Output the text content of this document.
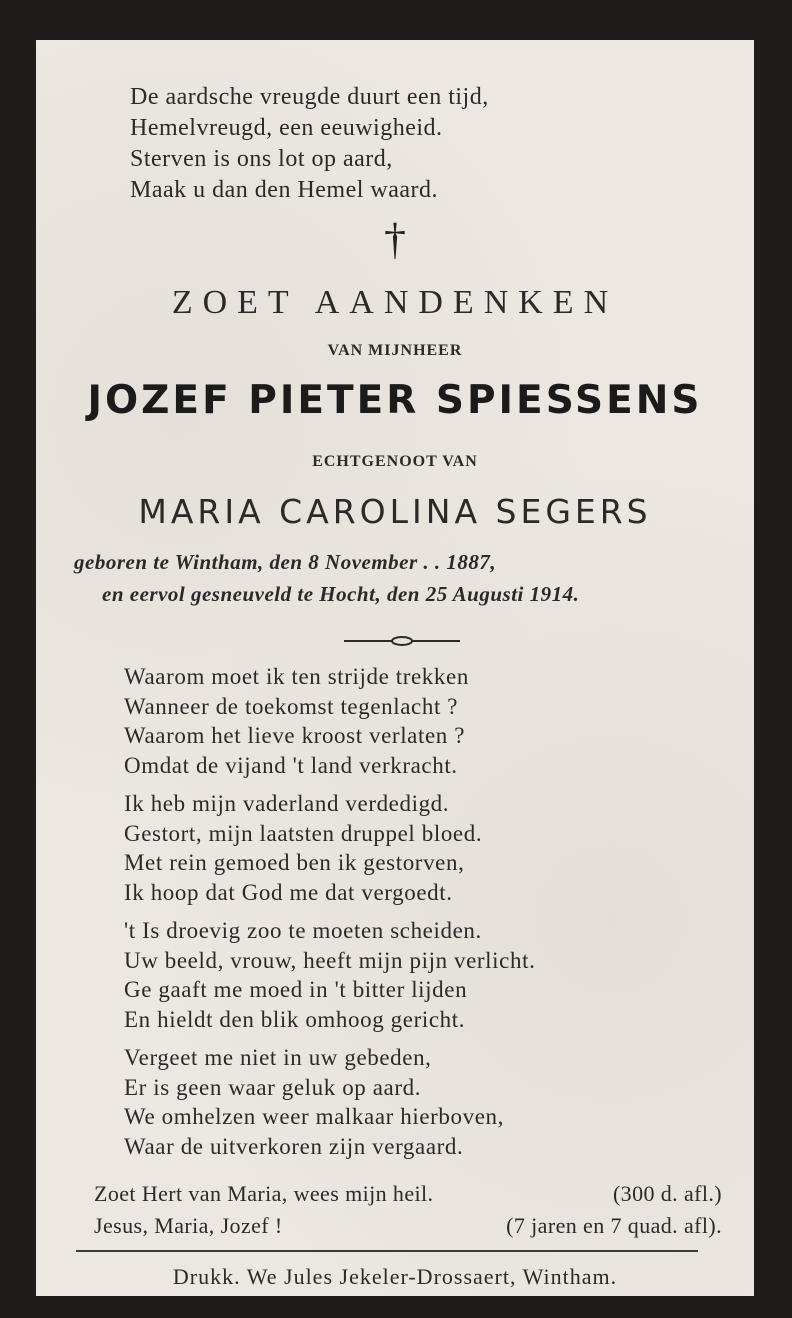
De aardsche vreugde duurt een tijd,
Hemelvreugd, een eeuwigheid.
Sterven is ons lot op aard,
Maak u dan den Hemel waard.
†
ZOET AANDENKEN
VAN MIJNHEER
JOZEF PIETER SPIESSENS
ECHTGENOOT VAN
MARIA CAROLINA SEGERS
geboren te Wintham, den 8 November . . 1887,
en eervol gesneuveld te Hocht, den 25 Augusti 1914.
Waarom moet ik ten strijde trekken
Wanneer de toekomst tegenlacht ?
Waarom het lieve kroost verlaten ?
Omdat de vijand 't land verkracht.
Ik heb mijn vaderland verdedigd.
Gestort, mijn laatsten druppel bloed.
Met rein gemoed ben ik gestorven,
Ik hoop dat God me dat vergoedt.
't Is droevig zoo te moeten scheiden.
Uw beeld, vrouw, heeft mijn pijn verlicht.
Ge gaaft me moed in 't bitter lijden
En hieldt den blik omhoog gericht.
Vergeet me niet in uw gebeden,
Er is geen waar geluk op aard.
We omhelzen weer malkaar hierboven,
Waar de uitverkoren zijn vergaard.
Zoet Hert van Maria, wees mijn heil.	(300 d. afl.)
Jesus, Maria, Jozef !	(7 jaren en 7 quad. afl).
Drukk. We Jules Jekeler-Drossaert, Wintham.
